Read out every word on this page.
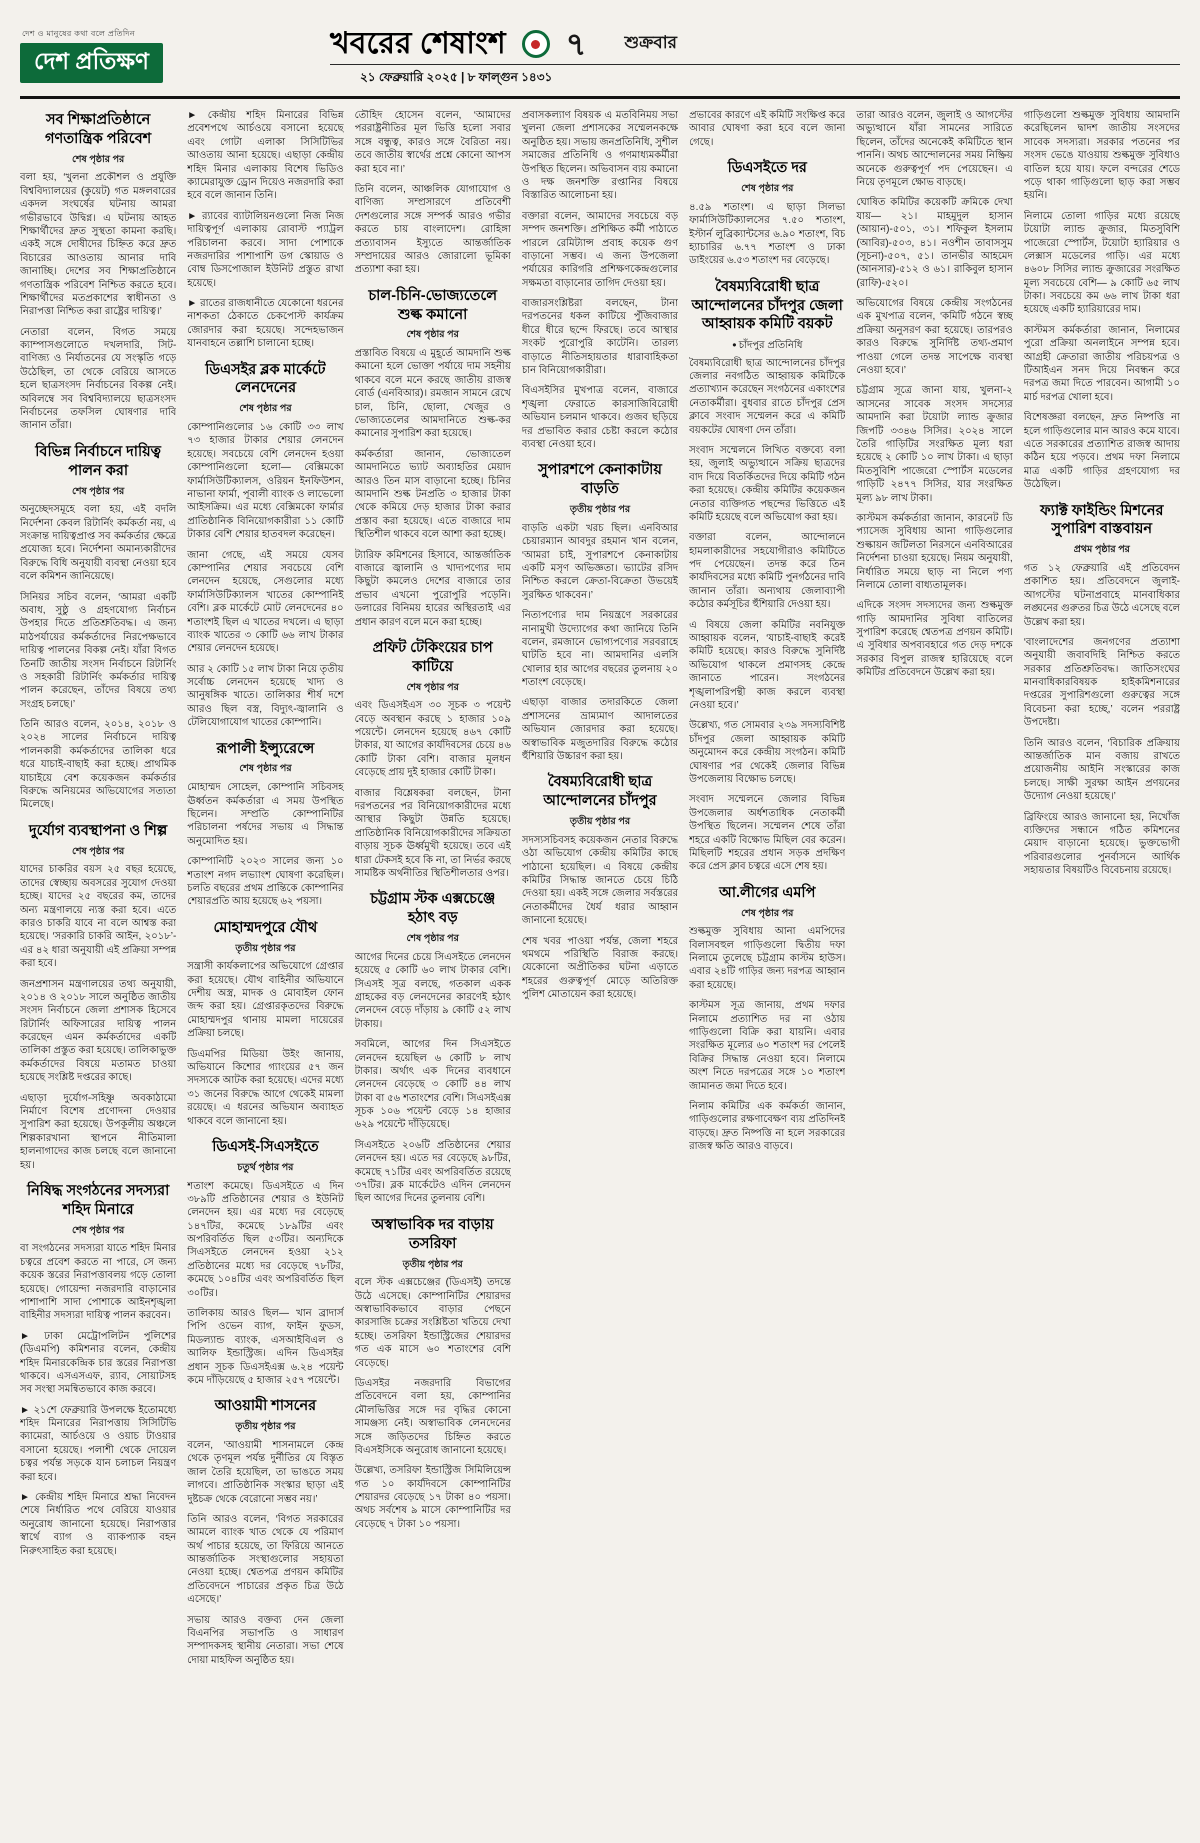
দেশ ও মানুষের কথা বলে প্রতিদিন
দেশ প্রতিক্ষণ
খবরের শেষাংশ ৭ শুক্রবার
২১ ফেব্রুয়ারি ২০২৫ | ৮ ফাল্গুন ১৪৩১
সব শিক্ষাপ্রতিষ্ঠানে গণতান্ত্রিক পরিবেশ
শেষ পৃষ্ঠার পর

বলা হয়, ‘খুলনা প্রকৌশল ও প্রযুক্তি বিশ্ববিদ্যালয়ের (কুয়েট) গত মঙ্গলবারের একদল সংঘর্ষের ঘটনায় আমরা গভীরভাবে উদ্বিগ্ন। এ ঘটনায় আহত শিক্ষার্থীদের দ্রুত সুস্থতা কামনা করছি। একই সঙ্গে দোষীদের চিহ্নিত করে দ্রুত বিচারের আওতায় আনার দাবি জানাচ্ছি। দেশের সব শিক্ষাপ্রতিষ্ঠানে গণতান্ত্রিক পরিবেশ নিশ্চিত করতে হবে। শিক্ষার্থীদের মতপ্রকাশের স্বাধীনতা ও নিরাপত্তা নিশ্চিত করা রাষ্ট্রের দায়িত্ব।’

নেতারা বলেন, বিগত সময়ে ক্যাম্পাসগুলোতে দখলদারি, সিট-বাণিজ্য ও নির্যাতনের যে সংস্কৃতি গড়ে উঠেছিল, তা থেকে বেরিয়ে আসতে হলে ছাত্রসংসদ নির্বাচনের বিকল্প নেই। অবিলম্বে সব বিশ্ববিদ্যালয়ে ছাত্রসংসদ নির্বাচনের তফসিল ঘোষণার দাবি জানান তাঁরা।

বিভিন্ন নির্বাচনে দায়িত্ব পালন করা
শেষ পৃষ্ঠার পর

অনুচ্ছেদসমূহে বলা হয়, এই বদলি নির্দেশনা কেবল রিটার্নিং কর্মকর্তা নয়, এ সংক্রান্ত দায়িত্বপ্রাপ্ত সব কর্মকর্তার ক্ষেত্রে প্রযোজ্য হবে। নির্দেশনা অমান্যকারীদের বিরুদ্ধে বিধি অনুযায়ী ব্যবস্থা নেওয়া হবে বলে কমিশন জানিয়েছে।

সিনিয়র সচিব বলেন, ‘আমরা একটি অবাধ, সুষ্ঠু ও গ্রহণযোগ্য নির্বাচন উপহার দিতে প্রতিশ্রুতিবদ্ধ। এ জন্য মাঠপর্যায়ের কর্মকর্তাদের নিরপেক্ষভাবে দায়িত্ব পালনের বিকল্প নেই। যাঁরা বিগত তিনটি জাতীয় সংসদ নির্বাচনে রিটার্নিং ও সহকারী রিটার্নিং কর্মকর্তার দায়িত্ব পালন করেছেন, তাঁদের বিষয়ে তথ্য সংগ্রহ চলছে।’

তিনি আরও বলেন, ২০১৪, ২০১৮ ও ২০২৪ সালের নির্বাচনে দায়িত্ব পালনকারী কর্মকর্তাদের তালিকা ধরে ধরে যাচাই-বাছাই করা হচ্ছে। প্রাথমিক যাচাইয়ে বেশ কয়েকজন কর্মকর্তার বিরুদ্ধে অনিয়মের অভিযোগের সত্যতা মিলেছে।

দুর্যোগ ব্যবস্থাপনা ও শিল্প
শেষ পৃষ্ঠার পর

যাদের চাকরির বয়স ২৫ বছর হয়েছে, তাদের স্বেচ্ছায় অবসরের সুযোগ দেওয়া হচ্ছে। যাদের ২৫ বছরের কম, তাদের অন্য মন্ত্রণালয়ে ন্যস্ত করা হবে। এতে কারও চাকরি যাবে না বলে আশ্বস্ত করা হয়েছে। ‘সরকারি চাকরি আইন, ২০১৮’-এর ৪২ ধারা অনুযায়ী এই প্রক্রিয়া সম্পন্ন করা হবে।

জনপ্রশাসন মন্ত্রণালয়ের তথ্য অনুযায়ী, ২০১৪ ও ২০১৮ সালে অনুষ্ঠিত জাতীয় সংসদ নির্বাচনে জেলা প্রশাসক হিসেবে রিটার্নিং অফিসারের দায়িত্ব পালন করেছেন এমন কর্মকর্তাদের একটি তালিকা প্রস্তুত করা হয়েছে। তালিকাভুক্ত কর্মকর্তাদের বিষয়ে মতামত চাওয়া হয়েছে সংশ্লিষ্ট দপ্তরের কাছে।

এছাড়া দুর্যোগ-সহিষ্ণু অবকাঠামো নির্মাণে বিশেষ প্রণোদনা দেওয়ার সুপারিশ করা হয়েছে। উপকূলীয় অঞ্চলে শিল্পকারখানা স্থাপনে নীতিমালা হালনাগাদের কাজ চলছে বলে জানানো হয়।

নিষিদ্ধ সংগঠনের সদস্যরা শহিদ মিনারে
শেষ পৃষ্ঠার পর

বা সংগঠনের সদস্যরা যাতে শহিদ মিনার চত্বরে প্রবেশ করতে না পারে, সে জন্য কয়েক স্তরের নিরাপত্তাবলয় গড়ে তোলা হয়েছে। গোয়েন্দা নজরদারি বাড়ানোর পাশাপাশি সাদা পোশাকে আইনশৃঙ্খলা বাহিনীর সদস্যরা দায়িত্ব পালন করবেন।

► ঢাকা মেট্রোপলিটন পুলিশের (ডিএমপি) কমিশনার বলেন, কেন্দ্রীয় শহিদ মিনারকেন্দ্রিক চার স্তরের নিরাপত্তা থাকবে। এসএসএফ, র‍্যাব, সোয়াটসহ সব সংস্থা সমন্বিতভাবে কাজ করবে।

► ২১শে ফেব্রুয়ারি উপলক্ষে ইতোমধ্যে শহিদ মিনারের নিরাপত্তায় সিসিটিভি ক্যামেরা, আর্চওয়ে ও ওয়াচ টাওয়ার বসানো হয়েছে। পলাশী থেকে দোয়েল চত্বর পর্যন্ত সড়কে যান চলাচল নিয়ন্ত্রণ করা হবে।

► কেন্দ্রীয় শহিদ মিনারে শ্রদ্ধা নিবেদন শেষে নির্ধারিত পথে বেরিয়ে যাওয়ার অনুরোধ জানানো হয়েছে। নিরাপত্তার স্বার্থে ব্যাগ ও ব্যাকপ্যাক বহন নিরুৎসাহিত করা হয়েছে।

► কেন্দ্রীয় শহিদ মিনারের বিভিন্ন প্রবেশপথে আর্চওয়ে বসানো হয়েছে এবং গোটা এলাকা সিসিটিভির আওতায় আনা হয়েছে। এছাড়া কেন্দ্রীয় শহিদ মিনার এলাকায় বিশেষ ভিডিও ক্যামেরাযুক্ত ড্রোন দিয়েও নজরদারি করা হবে বলে জানান তিনি।

► র‍্যাবের ব্যাটালিয়নগুলো নিজ নিজ দায়িত্বপূর্ণ এলাকায় রোবাস্ট প্যাট্রল পরিচালনা করবে। সাদা পোশাকে নজরদারির পাশাপাশি ডগ স্কোয়াড ও বোম্ব ডিসপোজাল ইউনিট প্রস্তুত রাখা হয়েছে।

► রাতের রাজধানীতে যেকোনো ধরনের নাশকতা ঠেকাতে চেকপোস্ট কার্যক্রম জোরদার করা হয়েছে। সন্দেহভাজন যানবাহনে তল্লাশি চালানো হচ্ছে।

ডিএসইর ব্লক মার্কেটে লেনদেনের
শেষ পৃষ্ঠার পর

কোম্পানিগুলোর ১৬ কোটি ৩৩ লাখ ৭৩ হাজার টাকার শেয়ার লেনদেন হয়েছে। সবচেয়ে বেশি লেনদেন হওয়া কোম্পানিগুলো হলো— বেক্সিমকো ফার্মাসিউটিক্যালস, ওরিয়ন ইনফিউশন, নাভানা ফার্মা, পূবালী ব্যাংক ও লাভেলো আইসক্রিম। এর মধ্যে বেক্সিমকো ফার্মার প্রাতিষ্ঠানিক বিনিয়োগকারীরা ১১ কোটি টাকার বেশি শেয়ার হাতবদল করেছেন।

জানা গেছে, এই সময়ে যেসব কোম্পানির শেয়ার সবচেয়ে বেশি লেনদেন হয়েছে, সেগুলোর মধ্যে ফার্মাসিউটিক্যালস খাতের কোম্পানিই বেশি। ব্লক মার্কেটে মোট লেনদেনের ৪০ শতাংশই ছিল এ খাতের দখলে। এ ছাড়া ব্যাংক খাতের ৩ কোটি ৬৬ লাখ টাকার শেয়ার লেনদেন হয়েছে।

আর ২ কোটি ১৫ লাখ টাকা নিয়ে তৃতীয় সর্বোচ্চ লেনদেন হয়েছে খাদ্য ও আনুষঙ্গিক খাতে। তালিকার শীর্ষ দশে আরও ছিল বস্ত্র, বিদ্যুৎ-জ্বালানি ও টেলিযোগাযোগ খাতের কোম্পানি।

রূপালী ইন্স্যুরেন্সে
শেষ পৃষ্ঠার পর

মোহাম্মদ সোহেল, কোম্পানি সচিবসহ ঊর্ধ্বতন কর্মকর্তারা এ সময় উপস্থিত ছিলেন। সম্প্রতি কোম্পানিটির পরিচালনা পর্ষদের সভায় এ সিদ্ধান্ত অনুমোদিত হয়।

কোম্পানিটি ২০২৩ সালের জন্য ১০ শতাংশ নগদ লভ্যাংশ ঘোষণা করেছিল। চলতি বছরের প্রথম প্রান্তিকে কোম্পানির শেয়ারপ্রতি আয় হয়েছে ৬২ পয়সা।

মোহাম্মদপুরে যৌথ
তৃতীয় পৃষ্ঠার পর

সন্ত্রাসী কার্যকলাপের অভিযোগে গ্রেপ্তার করা হয়েছে। যৌথ বাহিনীর অভিযানে দেশীয় অস্ত্র, মাদক ও মোবাইল ফোন জব্দ করা হয়। গ্রেপ্তারকৃতদের বিরুদ্ধে মোহাম্মদপুর থানায় মামলা দায়েরের প্রক্রিয়া চলছে।

ডিএমপির মিডিয়া উইং জানায়, অভিযানে কিশোর গ্যাংয়ের ৫৭ জন সদস্যকে আটক করা হয়েছে। এদের মধ্যে ৩১ জনের বিরুদ্ধে আগে থেকেই মামলা রয়েছে। এ ধরনের অভিযান অব্যাহত থাকবে বলে জানানো হয়।

ডিএসই-সিএসইতে
চতুর্থ পৃষ্ঠার পর

শতাংশ কমেছে। ডিএসইতে এ দিন ৩৮৯টি প্রতিষ্ঠানের শেয়ার ও ইউনিট লেনদেন হয়। এর মধ্যে দর বেড়েছে ১৪৭টির, কমেছে ১৮৯টির এবং অপরিবর্তিত ছিল ৫৩টির। অন্যদিকে সিএসইতে লেনদেন হওয়া ২১২ প্রতিষ্ঠানের মধ্যে দর বেড়েছে ৭৮টির, কমেছে ১০৪টির এবং অপরিবর্তিত ছিল ৩০টির।

তালিকায় আরও ছিল— খান ব্রাদার্স পিপি ওভেন ব্যাগ, ফাইন ফুডস, মিডল্যান্ড ব্যাংক, এসআইবিএল ও আলিফ ইন্ডাস্ট্রিজ। এদিন ডিএসইর প্রধান সূচক ডিএসইএক্স ৬.২৪ পয়েন্ট কমে দাঁড়িয়েছে ৫ হাজার ২৫৭ পয়েন্টে।

আওয়ামী শাসনের
তৃতীয় পৃষ্ঠার পর

বলেন, ‘আওয়ামী শাসনামলে কেন্দ্র থেকে তৃণমূল পর্যন্ত দুর্নীতির যে বিস্তৃত জাল তৈরি হয়েছিল, তা ভাঙতে সময় লাগবে। প্রাতিষ্ঠানিক সংস্কার ছাড়া এই দুষ্টচক্র থেকে বেরোনো সম্ভব নয়।’

তিনি আরও বলেন, ‘বিগত সরকারের আমলে ব্যাংক খাত থেকে যে পরিমাণ অর্থ পাচার হয়েছে, তা ফিরিয়ে আনতে আন্তর্জাতিক সংস্থাগুলোর সহায়তা নেওয়া হচ্ছে। শ্বেতপত্র প্রণয়ন কমিটির প্রতিবেদনে পাচারের প্রকৃত চিত্র উঠে এসেছে।’

সভায় আরও বক্তব্য দেন জেলা বিএনপির সভাপতি ও সাধারণ সম্পাদকসহ স্থানীয় নেতারা। সভা শেষে দোয়া মাহফিল অনুষ্ঠিত হয়।

তৌহিদ হোসেন বলেন, ‘আমাদের পররাষ্ট্রনীতির মূল ভিত্তি হলো সবার সঙ্গে বন্ধুত্ব, কারও সঙ্গে বৈরিতা নয়। তবে জাতীয় স্বার্থের প্রশ্নে কোনো আপস করা হবে না।’

তিনি বলেন, আঞ্চলিক যোগাযোগ ও বাণিজ্য সম্প্রসারণে প্রতিবেশী দেশগুলোর সঙ্গে সম্পর্ক আরও গভীর করতে চায় বাংলাদেশ। রোহিঙ্গা প্রত্যাবাসন ইস্যুতে আন্তর্জাতিক সম্প্রদায়ের আরও জোরালো ভূমিকা প্রত্যাশা করা হয়।

চাল-চিনি-ভোজ্যতেলে শুল্ক কমানো
শেষ পৃষ্ঠার পর

প্রস্তাবিত বিষয়ে এ মুহূর্তে আমদানি শুল্ক কমানো হলে ভোক্তা পর্যায়ে দাম সহনীয় থাকবে বলে মনে করছে জাতীয় রাজস্ব বোর্ড (এনবিআর)। রমজান সামনে রেখে চাল, চিনি, ছোলা, খেজুর ও ভোজ্যতেলের আমদানিতে শুল্ক-কর কমানোর সুপারিশ করা হয়েছে।

কর্মকর্তারা জানান, ভোজ্যতেল আমদানিতে ভ্যাট অব্যাহতির মেয়াদ আরও তিন মাস বাড়ানো হচ্ছে। চিনির আমদানি শুল্ক টনপ্রতি ৩ হাজার টাকা থেকে কমিয়ে দেড় হাজার টাকা করার প্রস্তাব করা হয়েছে। এতে বাজারে দাম স্থিতিশীল থাকবে বলে আশা করা হচ্ছে।

ট্যারিফ কমিশনের হিসাবে, আন্তর্জাতিক বাজারে জ্বালানি ও খাদ্যপণ্যের দাম কিছুটা কমলেও দেশের বাজারে তার প্রভাব এখনো পুরোপুরি পড়েনি। ডলারের বিনিময় হারের অস্থিরতাই এর প্রধান কারণ বলে মনে করা হচ্ছে।

প্রফিট টেকিংয়ের চাপ কাটিয়ে
শেষ পৃষ্ঠার পর

এবং ডিএসইএস ৩০ সূচক ৩ পয়েন্ট বেড়ে অবস্থান করছে ১ হাজার ১০৯ পয়েন্টে। লেনদেন হয়েছে ৪৬৭ কোটি টাকার, যা আগের কার্যদিবসের চেয়ে ৪৬ কোটি টাকা বেশি। বাজার মূলধন বেড়েছে প্রায় দুই হাজার কোটি টাকা।

বাজার বিশ্লেষকরা বলছেন, টানা দরপতনের পর বিনিয়োগকারীদের মধ্যে আস্থার কিছুটা উন্নতি হয়েছে। প্রাতিষ্ঠানিক বিনিয়োগকারীদের সক্রিয়তা বাড়ায় সূচক ঊর্ধ্বমুখী হয়েছে। তবে এই ধারা টেকসই হবে কি না, তা নির্ভর করছে সামষ্টিক অর্থনীতির স্থিতিশীলতার ওপর।

চট্টগ্রাম স্টক এক্সচেঞ্জে হঠাৎ বড়
শেষ পৃষ্ঠার পর

আগের দিনের চেয়ে সিএসইতে লেনদেন হয়েছে ৫ কোটি ৬০ লাখ টাকার বেশি। সিএসই সূত্র বলছে, গতকাল একক গ্রাহকের বড় লেনদেনের কারণেই হঠাৎ লেনদেন বেড়ে দাঁড়ায় ৯ কোটি ৫২ লাখ টাকায়।

সবমিলে, আগের দিন সিএসইতে লেনদেন হয়েছিল ৬ কোটি ৮ লাখ টাকার। অর্থাৎ এক দিনের ব্যবধানে লেনদেন বেড়েছে ৩ কোটি ৪৪ লাখ টাকা বা ৫৬ শতাংশের বেশি। সিএসইএক্স সূচক ১০৬ পয়েন্ট বেড়ে ১৪ হাজার ৬২৯ পয়েন্টে দাঁড়িয়েছে।

সিএসইতে ২০৬টি প্রতিষ্ঠানের শেয়ার লেনদেন হয়। এতে দর বেড়েছে ৯৮টির, কমেছে ৭১টির এবং অপরিবর্তিত রয়েছে ৩৭টির। ব্লক মার্কেটেও এদিন লেনদেন ছিল আগের দিনের তুলনায় বেশি।

অস্বাভাবিক দর বাড়ায় তসরিফা
তৃতীয় পৃষ্ঠার পর

বলে স্টক এক্সচেঞ্জের (ডিএসই) তদন্তে উঠে এসেছে। কোম্পানিটির শেয়ারদর অস্বাভাবিকভাবে বাড়ার পেছনে কারসাজি চক্রের সংশ্লিষ্টতা খতিয়ে দেখা হচ্ছে। তসরিফা ইন্ডাস্ট্রিজের শেয়ারদর গত এক মাসে ৬০ শতাংশের বেশি বেড়েছে।

ডিএসইর নজরদারি বিভাগের প্রতিবেদনে বলা হয়, কোম্পানির মৌলভিত্তির সঙ্গে দর বৃদ্ধির কোনো সামঞ্জস্য নেই। অস্বাভাবিক লেনদেনের সঙ্গে জড়িতদের চিহ্নিত করতে বিএসইসিকে অনুরোধ জানানো হয়েছে।

উল্লেখ্য, তসরিফা ইন্ডাস্ট্রিজ সিমিলিয়েন্স গত ১০ কার্যদিবসে কোম্পানিটির শেয়ারদর বেড়েছে ১৭ টাকা ৪০ পয়সা। অথচ সর্বশেষ ৯ মাসে কোম্পানিটির দর বেড়েছে ৭ টাকা ১০ পয়সা।

প্রবাসকল্যাণ বিষয়ক এ মতবিনিময় সভা খুলনা জেলা প্রশাসকের সম্মেলনকক্ষে অনুষ্ঠিত হয়। সভায় জনপ্রতিনিধি, সুশীল সমাজের প্রতিনিধি ও গণমাধ্যমকর্মীরা উপস্থিত ছিলেন। অভিবাসন ব্যয় কমানো ও দক্ষ জনশক্তি রপ্তানির বিষয়ে বিস্তারিত আলোচনা হয়।

বক্তারা বলেন, আমাদের সবচেয়ে বড় সম্পদ জনশক্তি। প্রশিক্ষিত কর্মী পাঠাতে পারলে রেমিট্যান্স প্রবাহ কয়েক গুণ বাড়ানো সম্ভব। এ জন্য উপজেলা পর্যায়ের কারিগরি প্রশিক্ষণকেন্দ্রগুলোর সক্ষমতা বাড়ানোর তাগিদ দেওয়া হয়।

বাজারসংশ্লিষ্টরা বলছেন, টানা দরপতনের ধকল কাটিয়ে পুঁজিবাজার ধীরে ধীরে ছন্দে ফিরছে। তবে আস্থার সংকট পুরোপুরি কাটেনি। তারল্য বাড়াতে নীতিসহায়তার ধারাবাহিকতা চান বিনিয়োগকারীরা।

বিএসইসির মুখপাত্র বলেন, বাজারে শৃঙ্খলা ফেরাতে কারসাজিবিরোধী অভিযান চলমান থাকবে। গুজব ছড়িয়ে দর প্রভাবিত করার চেষ্টা করলে কঠোর ব্যবস্থা নেওয়া হবে।

সুপারশপে কেনাকাটায় বাড়তি
তৃতীয় পৃষ্ঠার পর

বাড়তি একটা খরচ ছিল। এনবিআর চেয়ারম্যান আবদুর রহমান খান বলেন, ‘আমরা চাই, সুপারশপে কেনাকাটায় একটি মসৃণ অভিজ্ঞতা। ভ্যাটের রসিদ নিশ্চিত করলে ক্রেতা-বিক্রেতা উভয়েই সুরক্ষিত থাকবেন।’

নিত্যপণ্যের দাম নিয়ন্ত্রণে সরকারের নানামুখী উদ্যোগের কথা জানিয়ে তিনি বলেন, রমজানে ভোগ্যপণ্যের সরবরাহে ঘাটতি হবে না। আমদানির এলসি খোলার হার আগের বছরের তুলনায় ২০ শতাংশ বেড়েছে।

এছাড়া বাজার তদারকিতে জেলা প্রশাসনের ভ্রাম্যমাণ আদালতের অভিযান জোরদার করা হয়েছে। অস্বাভাবিক মজুতদারির বিরুদ্ধে কঠোর হুঁশিয়ারি উচ্চারণ করা হয়।

বৈষম্যবিরোধী ছাত্র আন্দোলনের চাঁদপুর
তৃতীয় পৃষ্ঠার পর

সদস্যসচিবসহ কয়েকজন নেতার বিরুদ্ধে ওঠা অভিযোগ কেন্দ্রীয় কমিটির কাছে পাঠানো হয়েছিল। এ বিষয়ে কেন্দ্রীয় কমিটির সিদ্ধান্ত জানতে চেয়ে চিঠি দেওয়া হয়। একই সঙ্গে জেলার সর্বস্তরের নেতাকর্মীদের ধৈর্য ধরার আহ্বান জানানো হয়েছে।

শেষ খবর পাওয়া পর্যন্ত, জেলা শহরে থমথমে পরিস্থিতি বিরাজ করছে। যেকোনো অপ্রীতিকর ঘটনা এড়াতে শহরের গুরুত্বপূর্ণ মোড়ে অতিরিক্ত পুলিশ মোতায়েন করা হয়েছে।

প্রভাবের কারণে এই কমিটি সংক্ষিপ্ত করে আবার ঘোষণা করা হবে বলে জানা গেছে।

ডিএসইতে দর
শেষ পৃষ্ঠার পর

৪.৫৯ শতাংশ। এ ছাড়া সিলভা ফার্মাসিউটিক্যালসের ৭.৫০ শতাংশ, ইস্টার্ন লুব্রিক্যান্টসের ৬.৯০ শতাংশ, বিচ হ্যাচারির ৬.৭৭ শতাংশ ও ঢাকা ডাইংয়ের ৬.৫৩ শতাংশ দর বেড়েছে।

বৈষম্যবিরোধী ছাত্র আন্দোলনের চাঁদপুর জেলা আহ্বায়ক কমিটি বয়কট
● চাঁদপুর প্রতিনিধি

বৈষম্যবিরোধী ছাত্র আন্দোলনের চাঁদপুর জেলার নবগঠিত আহ্বায়ক কমিটিকে প্রত্যাখ্যান করেছেন সংগঠনের একাংশের নেতাকর্মীরা। বুধবার রাতে চাঁদপুর প্রেস ক্লাবে সংবাদ সম্মেলন করে এ কমিটি বয়কটের ঘোষণা দেন তাঁরা।

সংবাদ সম্মেলনে লিখিত বক্তব্যে বলা হয়, জুলাই অভ্যুত্থানে সক্রিয় ছাত্রদের বাদ দিয়ে বিতর্কিতদের দিয়ে কমিটি গঠন করা হয়েছে। কেন্দ্রীয় কমিটির কয়েকজন নেতার ব্যক্তিগত পছন্দের ভিত্তিতে এই কমিটি হয়েছে বলে অভিযোগ করা হয়।

বক্তারা বলেন, আন্দোলনে হামলাকারীদের সহযোগীরাও কমিটিতে পদ পেয়েছেন। তদন্ত করে তিন কার্যদিবসের মধ্যে কমিটি পুনর্গঠনের দাবি জানান তাঁরা। অন্যথায় জেলাব্যাপী কঠোর কর্মসূচির হুঁশিয়ারি দেওয়া হয়।

এ বিষয়ে জেলা কমিটির নবনিযুক্ত আহ্বায়ক বলেন, ‘যাচাই-বাছাই করেই কমিটি হয়েছে। কারও বিরুদ্ধে সুনির্দিষ্ট অভিযোগ থাকলে প্রমাণসহ কেন্দ্রে জানাতে পারেন। সংগঠনের শৃঙ্খলাপরিপন্থী কাজ করলে ব্যবস্থা নেওয়া হবে।’

উল্লেখ্য, গত সোমবার ২৩৯ সদস্যবিশিষ্ট চাঁদপুর জেলা আহ্বায়ক কমিটি অনুমোদন করে কেন্দ্রীয় সংগঠন। কমিটি ঘোষণার পর থেকেই জেলার বিভিন্ন উপজেলায় বিক্ষোভ চলছে।

সংবাদ সম্মেলনে জেলার বিভিন্ন উপজেলার অর্ধশতাধিক নেতাকর্মী উপস্থিত ছিলেন। সম্মেলন শেষে তাঁরা শহরে একটি বিক্ষোভ মিছিল বের করেন। মিছিলটি শহরের প্রধান সড়ক প্রদক্ষিণ করে প্রেস ক্লাব চত্বরে এসে শেষ হয়।

আ.লীগের এমপি
শেষ পৃষ্ঠার পর

শুল্কমুক্ত সুবিধায় আনা এমপিদের বিলাসবহুল গাড়িগুলো দ্বিতীয় দফা নিলামে তুলেছে চট্টগ্রাম কাস্টম হাউস। এবার ২৪টি গাড়ির জন্য দরপত্র আহ্বান করা হয়েছে।

কাস্টমস সূত্র জানায়, প্রথম দফার নিলামে প্রত্যাশিত দর না ওঠায় গাড়িগুলো বিক্রি করা যায়নি। এবার সংরক্ষিত মূল্যের ৬০ শতাংশ দর পেলেই বিক্রির সিদ্ধান্ত নেওয়া হবে। নিলামে অংশ নিতে দরপত্রের সঙ্গে ১০ শতাংশ জামানত জমা দিতে হবে।

নিলাম কমিটির এক কর্মকর্তা জানান, গাড়িগুলোর রক্ষণাবেক্ষণ ব্যয় প্রতিদিনই বাড়ছে। দ্রুত নিষ্পত্তি না হলে সরকারের রাজস্ব ক্ষতি আরও বাড়বে।

তারা আরও বলেন, জুলাই ও আগস্টের অভ্যুত্থানে যাঁরা সামনের সারিতে ছিলেন, তাঁদের অনেকেই কমিটিতে স্থান পাননি। অথচ আন্দোলনের সময় নিষ্ক্রিয় অনেকে গুরুত্বপূর্ণ পদ পেয়েছেন। এ নিয়ে তৃণমূলে ক্ষোভ বাড়ছে।

ঘোষিত কমিটির কয়েকটি ক্রমিকে দেখা যায়— ২১। মাহমুদুল হাসান (আয়ান)-৫০১, ৩১। শফিকুল ইসলাম (আবির)-৫০৩, ৪১। নওশীন তাবাসসুম (সূচনা)-৫০৭, ৫১। তানভীর আহমেদ (আনসার)-৫১২ ও ৬১। রাকিবুল হাসান (রাফি)-৫২০।

অভিযোগের বিষয়ে কেন্দ্রীয় সংগঠনের এক মুখপাত্র বলেন, ‘কমিটি গঠনে স্বচ্ছ প্রক্রিয়া অনুসরণ করা হয়েছে। তারপরও কারও বিরুদ্ধে সুনির্দিষ্ট তথ্য-প্রমাণ পাওয়া গেলে তদন্ত সাপেক্ষে ব্যবস্থা নেওয়া হবে।’

চট্টগ্রাম সূত্রে জানা যায়, খুলনা-২ আসনের সাবেক সংসদ সদস্যের আমদানি করা টয়োটা ল্যান্ড ক্রুজার জিপটি ৩৩৪৬ সিসির। ২০২৪ সালে তৈরি গাড়িটির সংরক্ষিত মূল্য ধরা হয়েছে ২ কোটি ১০ লাখ টাকা। এ ছাড়া মিতসুবিশি পাজেরো স্পোর্টস মডেলের গাড়িটি ২৪৭৭ সিসির, যার সংরক্ষিত মূল্য ৯৮ লাখ টাকা।

কাস্টমস কর্মকর্তারা জানান, কারনেট ডি প্যাসেজ সুবিধায় আনা গাড়িগুলোর শুল্কায়ন জটিলতা নিরসনে এনবিআরের নির্দেশনা চাওয়া হয়েছে। নিয়ম অনুযায়ী, নির্ধারিত সময়ে ছাড় না নিলে পণ্য নিলামে তোলা বাধ্যতামূলক।

এদিকে সংসদ সদস্যদের জন্য শুল্কমুক্ত গাড়ি আমদানির সুবিধা বাতিলের সুপারিশ করেছে শ্বেতপত্র প্রণয়ন কমিটি। এ সুবিধার অপব্যবহারে গত দেড় দশকে সরকার বিপুল রাজস্ব হারিয়েছে বলে কমিটির প্রতিবেদনে উল্লেখ করা হয়।

গাড়িগুলো শুল্কমুক্ত সুবিধায় আমদানি করেছিলেন দ্বাদশ জাতীয় সংসদের সাবেক সদস্যরা। সরকার পতনের পর সংসদ ভেঙে যাওয়ায় শুল্কমুক্ত সুবিধাও বাতিল হয়ে যায়। ফলে বন্দরের শেডে পড়ে থাকা গাড়িগুলো ছাড় করা সম্ভব হয়নি।

নিলামে তোলা গাড়ির মধ্যে রয়েছে টয়োটা ল্যান্ড ক্রুজার, মিতসুবিশি পাজেরো স্পোর্টস, টয়োটা হ্যারিয়ার ও লেক্সাস মডেলের গাড়ি। এর মধ্যে ৪৬০৮ সিসির ল্যান্ড ক্রুজারের সংরক্ষিত মূল্য সবচেয়ে বেশি— ৯ কোটি ৬৫ লাখ টাকা। সবচেয়ে কম ৬৬ লাখ টাকা ধরা হয়েছে একটি হ্যারিয়ারের দাম।

কাস্টমস কর্মকর্তারা জানান, নিলামের পুরো প্রক্রিয়া অনলাইনে সম্পন্ন হবে। আগ্রহী ক্রেতারা জাতীয় পরিচয়পত্র ও টিআইএন সনদ দিয়ে নিবন্ধন করে দরপত্র জমা দিতে পারবেন। আগামী ১০ মার্চ দরপত্র খোলা হবে।

বিশেষজ্ঞরা বলছেন, দ্রুত নিষ্পত্তি না হলে গাড়িগুলোর মান আরও কমে যাবে। এতে সরকারের প্রত্যাশিত রাজস্ব আদায় কঠিন হয়ে পড়বে। প্রথম দফা নিলামে মাত্র একটি গাড়ির গ্রহণযোগ্য দর উঠেছিল।

ফ্যাক্ট ফাইন্ডিং মিশনের সুপারিশ বাস্তবায়ন
প্রথম পৃষ্ঠার পর

গত ১২ ফেব্রুয়ারি এই প্রতিবেদন প্রকাশিত হয়। প্রতিবেদনে জুলাই-আগস্টের ঘটনাপ্রবাহে মানবাধিকার লঙ্ঘনের গুরুতর চিত্র উঠে এসেছে বলে উল্লেখ করা হয়।

‘বাংলাদেশের জনগণের প্রত্যাশা অনুযায়ী জবাবদিহি নিশ্চিত করতে সরকার প্রতিশ্রুতিবদ্ধ। জাতিসংঘের মানবাধিকারবিষয়ক হাইকমিশনারের দপ্তরের সুপারিশগুলো গুরুত্বের সঙ্গে বিবেচনা করা হচ্ছে,’ বলেন পররাষ্ট্র উপদেষ্টা।

তিনি আরও বলেন, ‘বিচারিক প্রক্রিয়ায় আন্তর্জাতিক মান বজায় রাখতে প্রয়োজনীয় আইনি সংস্কারের কাজ চলছে। সাক্ষী সুরক্ষা আইন প্রণয়নের উদ্যোগ নেওয়া হয়েছে।’

ব্রিফিংয়ে আরও জানানো হয়, নিখোঁজ ব্যক্তিদের সন্ধানে গঠিত কমিশনের মেয়াদ বাড়ানো হয়েছে। ভুক্তভোগী পরিবারগুলোর পুনর্বাসনে আর্থিক সহায়তার বিষয়টিও বিবেচনায় রয়েছে।
